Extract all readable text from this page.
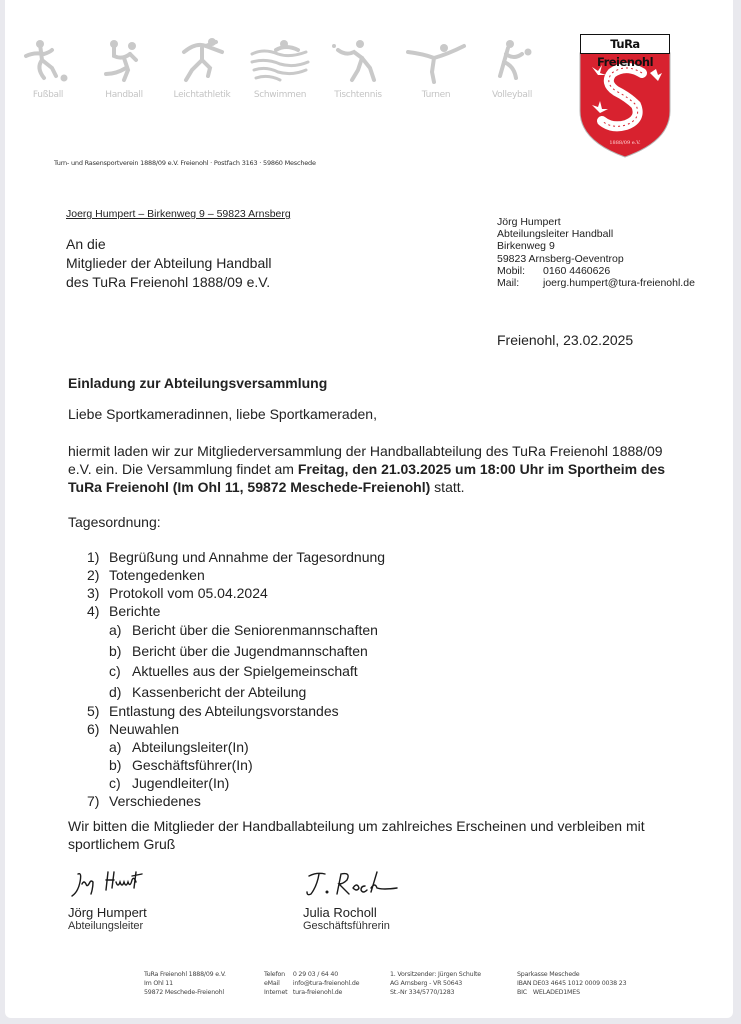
Fußball	Handball	Leichtathletik	Schwimmen	Tischtennis	Turnen	Volleyball
TuRa Freienohl
1888/09 e.V.
Turn- und Rasensportverein 1888/09 e.V. Freienohl · Postfach 3163 · 59860 Meschede
Joerg Humpert – Birkenweg 9 – 59823 Arnsberg
An die
Mitglieder der Abteilung Handball
des TuRa Freienohl 1888/09 e.V.
Jörg Humpert
Abteilungsleiter Handball
Birkenweg 9
59823 Arnsberg-Oeventrop
Mobil: 0160 4460626
Mail: joerg.humpert@tura-freienohl.de
Freienohl, 23.02.2025
Einladung zur Abteilungsversammlung
Liebe Sportkameradinnen, liebe Sportkameraden,
hiermit laden wir zur Mitgliederversammlung der Handballabteilung des TuRa Freienohl 1888/09 e.V. ein. Die Versammlung findet am Freitag, den 21.03.2025 um 18:00 Uhr im Sportheim des TuRa Freienohl (Im Ohl 11, 59872 Meschede-Freienohl) statt.
Tagesordnung:
1) Begrüßung und Annahme der Tagesordnung
2) Totengedenken
3) Protokoll vom 05.04.2024
4) Berichte
a) Bericht über die Seniorenmannschaften
b) Bericht über die Jugendmannschaften
c) Aktuelles aus der Spielgemeinschaft
d) Kassenbericht der Abteilung
5) Entlastung des Abteilungsvorstandes
6) Neuwahlen
a) Abteilungsleiter(In)
b) Geschäftsführer(In)
c) Jugendleiter(In)
7) Verschiedenes
Wir bitten die Mitglieder der Handballabteilung um zahlreiches Erscheinen und verbleiben mit sportlichem Gruß
Jörg Humpert
Abteilungsleiter
Julia Rocholl
Geschäftsführerin
TuRa Freienohl 1888/09 e.V.
Im Ohl 11
59872 Meschede-Freienohl
Telefon 0 29 03 / 64 40
eMail info@tura-freienohl.de
Internet tura-freienohl.de
1. Vorsitzender: Jürgen Schulte
AG Arnsberg - VR 50643
St.-Nr 334/5770/1283
Sparkasse Meschede
IBAN DE03 4645 1012 0009 0038 23
BIC WELADED1MES
